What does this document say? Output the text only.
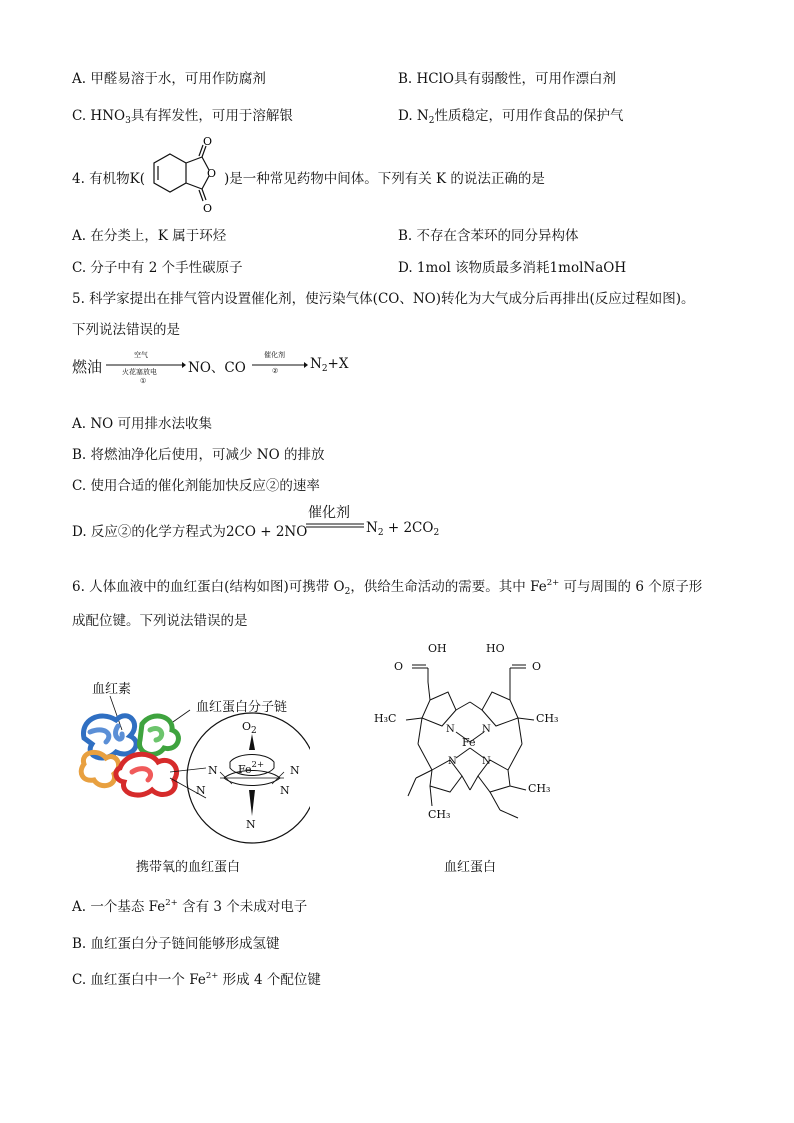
A. 甲醛易溶于水，可用作防腐剂	B. HClO具有弱酸性，可用作漂白剂
C. $HNO_3$具有挥发性，可用于溶解银	D. $N_2$性质稳定，可用作食品的保护气
4. 有机物K(
O
O
O
)是一种常见药物中间体。下列有关 K 的说法正确的是
A. 在分类上，K 属于环烃	B. 不存在含苯环的同分异构体
C. 分子中有 2 个手性碳原子	D. 1mol 该物质最多消耗1molNaOH
5. 科学家提出在排气管内设置催化剂，使污染气体(CO、NO)转化为大气成分后再排出(反应过程如图)。
下列说法错误的是
燃油
空气
火花塞放电
①
NO、CO
催化剂
② $N_2+X$
A. NO 可用排水法收集
B. 将燃油净化后使用，可减少 NO 的排放
C. 使用合适的催化剂能加快反应②的速率
D. 反应②的化学方程式为2CO + 2NO
催化剂
$N_2 + 2CO_2$
6. 人体血液中的血红蛋白(结构如图)可携带 $O_2$，供给生命活动的需要。其中 $Fe^{2+}$ 可与周围的 6 个原子形
成配位键。下列说法错误的是
血红素
血红蛋白分子链
$O_2$
$Fe^{2+}$
N	N
N	N
N
携带氧的血红蛋白
OH	HO
O	O
H₃C	CH₃
CH₃
CH₃
Fe
N	N
N	N
血红蛋白
A. 一个基态 $Fe^{2+}$ 含有 3 个未成对电子
B. 血红蛋白分子链间能够形成氢键
C. 血红蛋白中一个 $Fe^{2+}$ 形成 4 个配位键
